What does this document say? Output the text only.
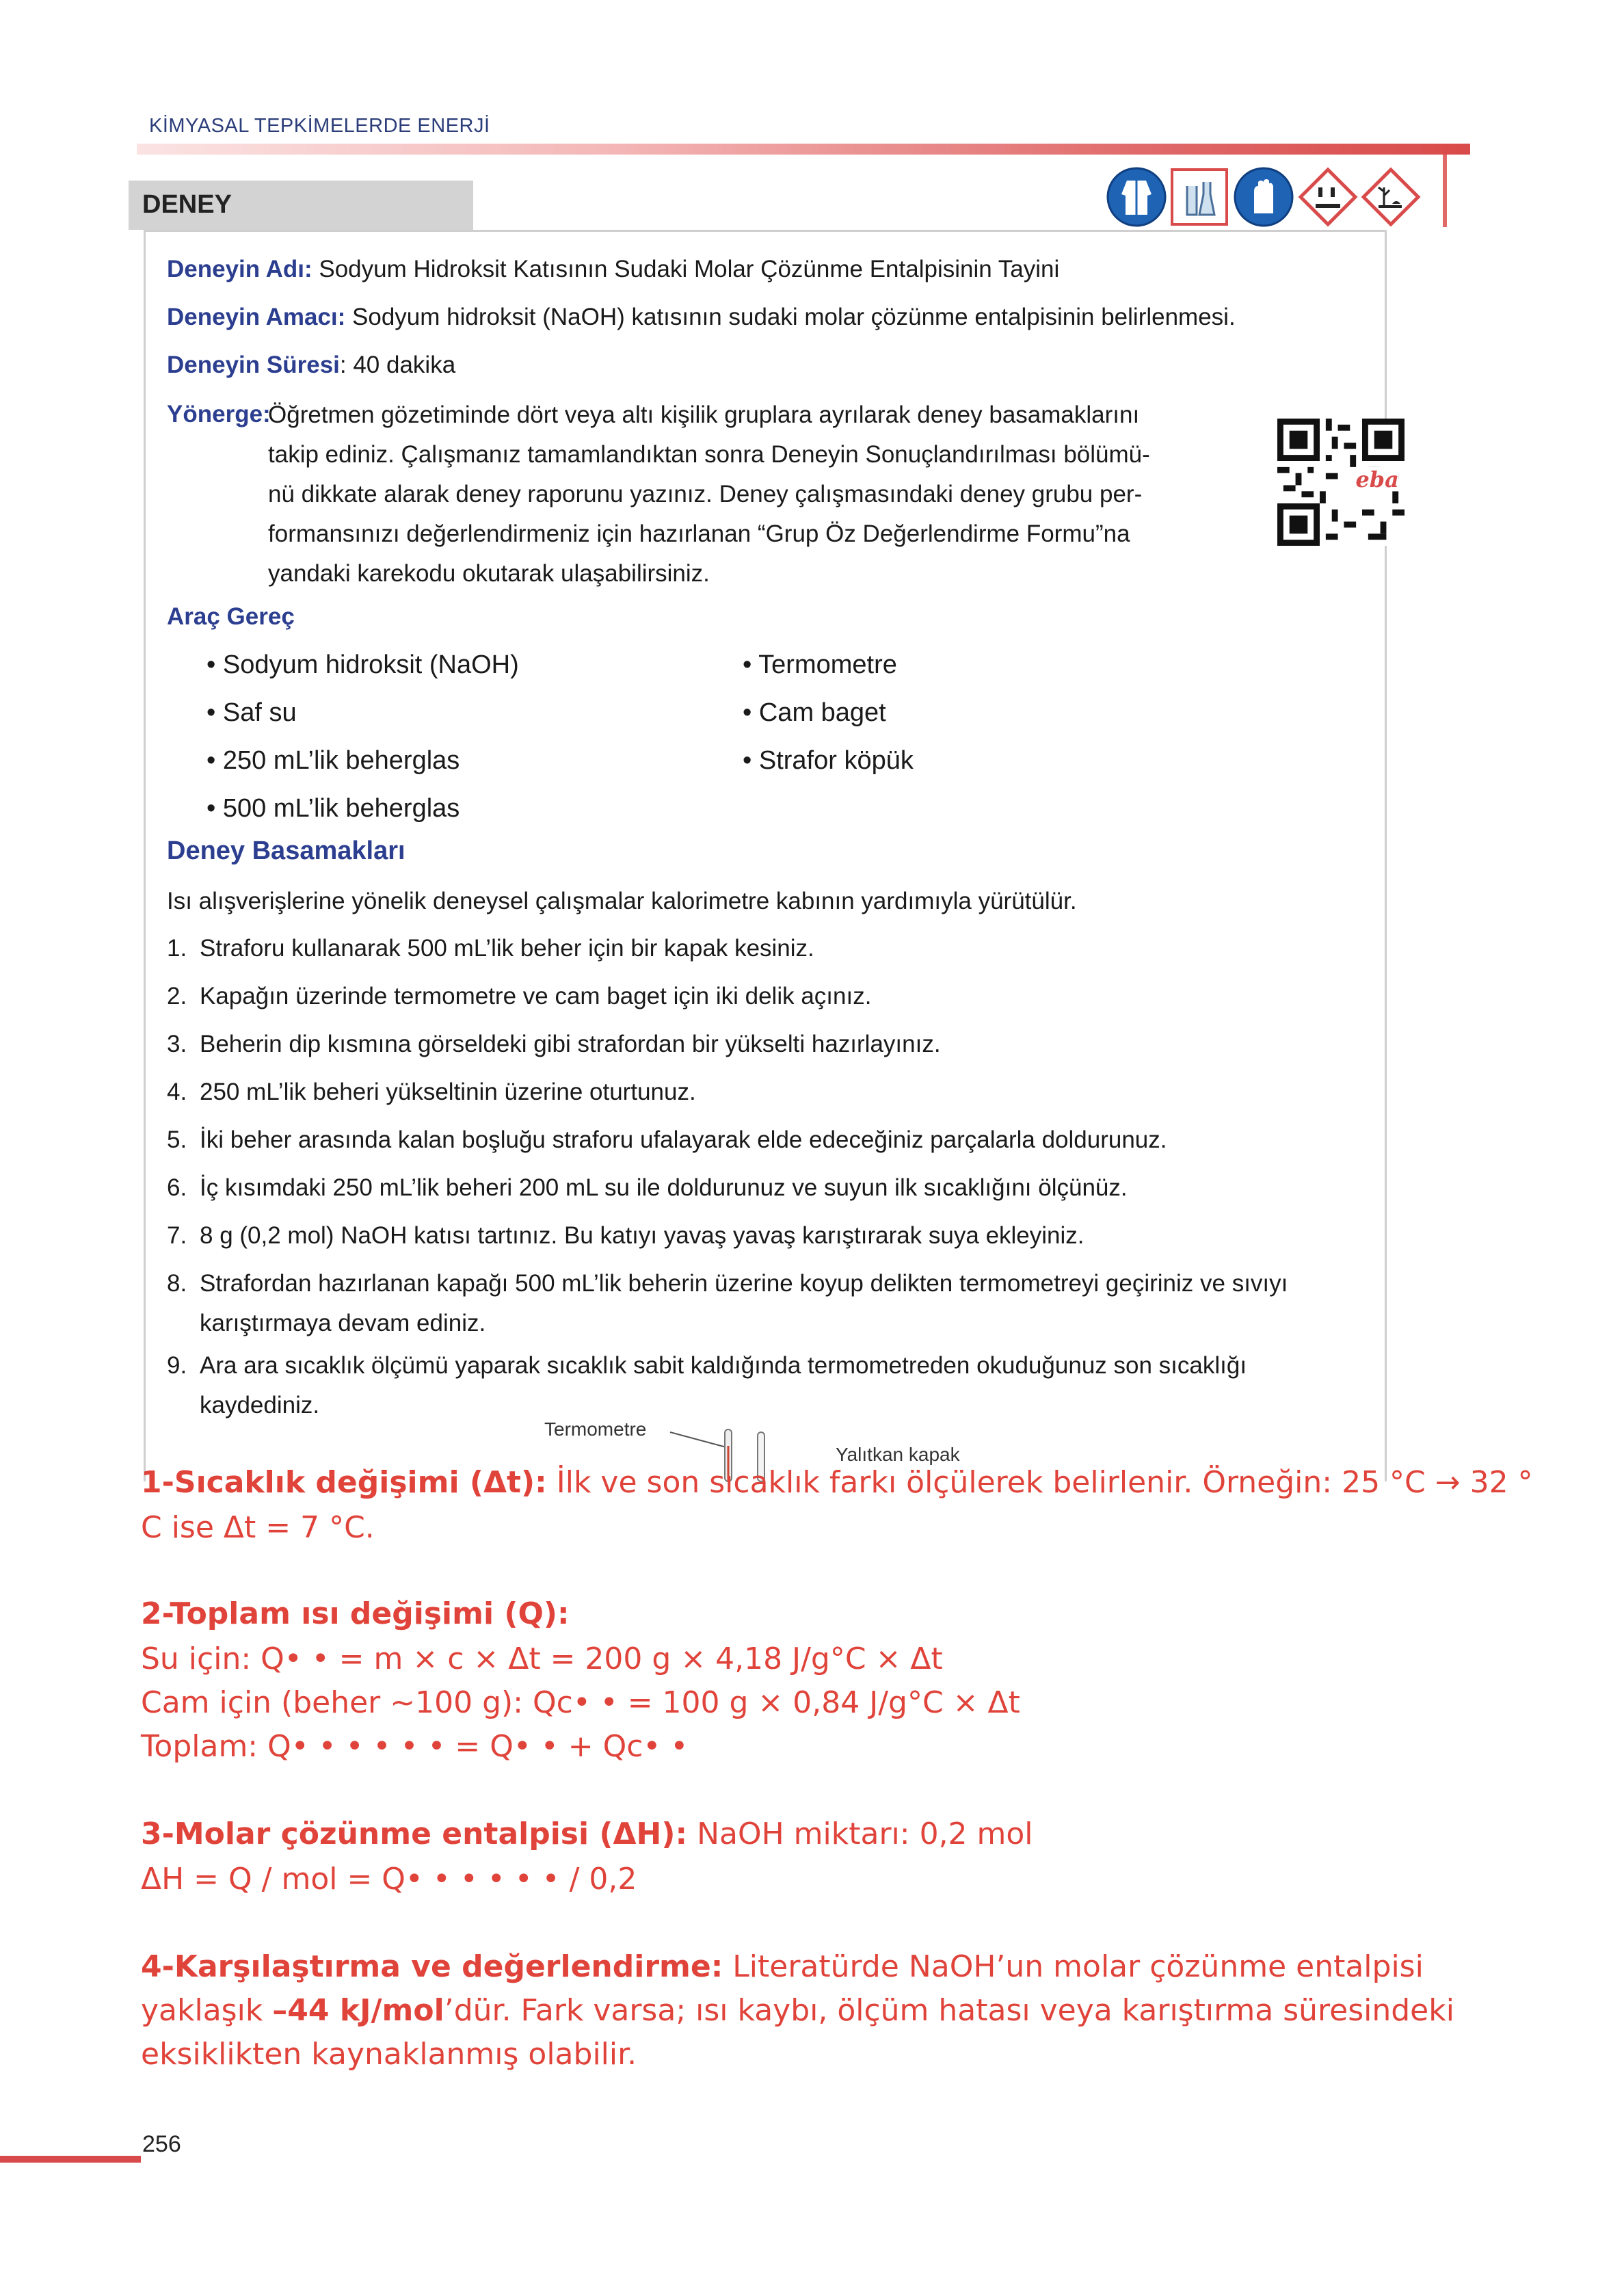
KİMYASAL TEPKİMELERDE ENERJİ
DENEY
Deneyin Adı: Sodyum Hidroksit Katısının Sudaki Molar Çözünme Entalpisinin Tayini
Deneyin Amacı: Sodyum hidroksit (NaOH) katısının sudaki molar çözünme entalpisinin belirlenmesi.
Deneyin Süresi: 40 dakika
Yönerge:
Öğretmen gözetiminde dört veya altı kişilik gruplara ayrılarak deney basamaklarını
takip ediniz. Çalışmanız tamamlandıktan sonra Deneyin Sonuçlandırılması bölümü-
nü dikkate alarak deney raporunu yazınız. Deney çalışmasındaki deney grubu per-
formansınızı değerlendirmeniz için hazırlanan “Grup Öz Değerlendirme Formu”na
yandaki karekodu okutarak ulaşabilirsiniz.
eba
Araç Gereç
• Sodyum hidroksit (NaOH)
• Saf su
• 250 mL’lik beherglas
• 500 mL’lik beherglas
• Termometre
• Cam baget
• Strafor köpük
Deney Basamakları
Isı alışverişlerine yönelik deneysel çalışmalar kalorimetre kabının yardımıyla yürütülür.
1. Straforu kullanarak 500 mL’lik beher için bir kapak kesiniz.
2. Kapağın üzerinde termometre ve cam baget için iki delik açınız.
3. Beherin dip kısmına görseldeki gibi strafordan bir yükselti hazırlayınız.
4. 250 mL’lik beheri yükseltinin üzerine oturtunuz.
5. İki beher arasında kalan boşluğu straforu ufalayarak elde edeceğiniz parçalarla doldurunuz.
6. İç kısımdaki 250 mL’lik beheri 200 mL su ile doldurunuz ve suyun ilk sıcaklığını ölçünüz.
7. 8 g (0,2 mol) NaOH katısı tartınız. Bu katıyı yavaş yavaş karıştırarak suya ekleyiniz.
8. Strafordan hazırlanan kapağı 500 mL’lik beherin üzerine koyup delikten termometreyi geçiriniz ve sıvıyı
karıştırmaya devam ediniz.
9. Ara ara sıcaklık ölçümü yaparak sıcaklık sabit kaldığında termometreden okuduğunuz son sıcaklığı
kaydediniz.
Termometre
Yalıtkan kapak
1-Sıcaklık değişimi (Δt): İlk ve son sıcaklık farkı ölçülerek belirlenir. Örneğin: 25 °C → 32 °
C ise Δt = 7 °C.
2-Toplam ısı değişimi (Q):
Su için: Q• • = m × c × Δt = 200 g × 4,18 J/g°C × Δt
Cam için (beher ~100 g): Qc• • = 100 g × 0,84 J/g°C × Δt
Toplam: Q• • • • • • = Q• • + Qc• •
3-Molar çözünme entalpisi (ΔH): NaOH miktarı: 0,2 mol
ΔH = Q / mol = Q• • • • • • / 0,2
4-Karşılaştırma ve değerlendirme: Literatürde NaOH’un molar çözünme entalpisi
yaklaşık –44 kJ/mol’dür. Fark varsa; ısı kaybı, ölçüm hatası veya karıştırma süresindeki
eksiklikten kaynaklanmış olabilir.
256
